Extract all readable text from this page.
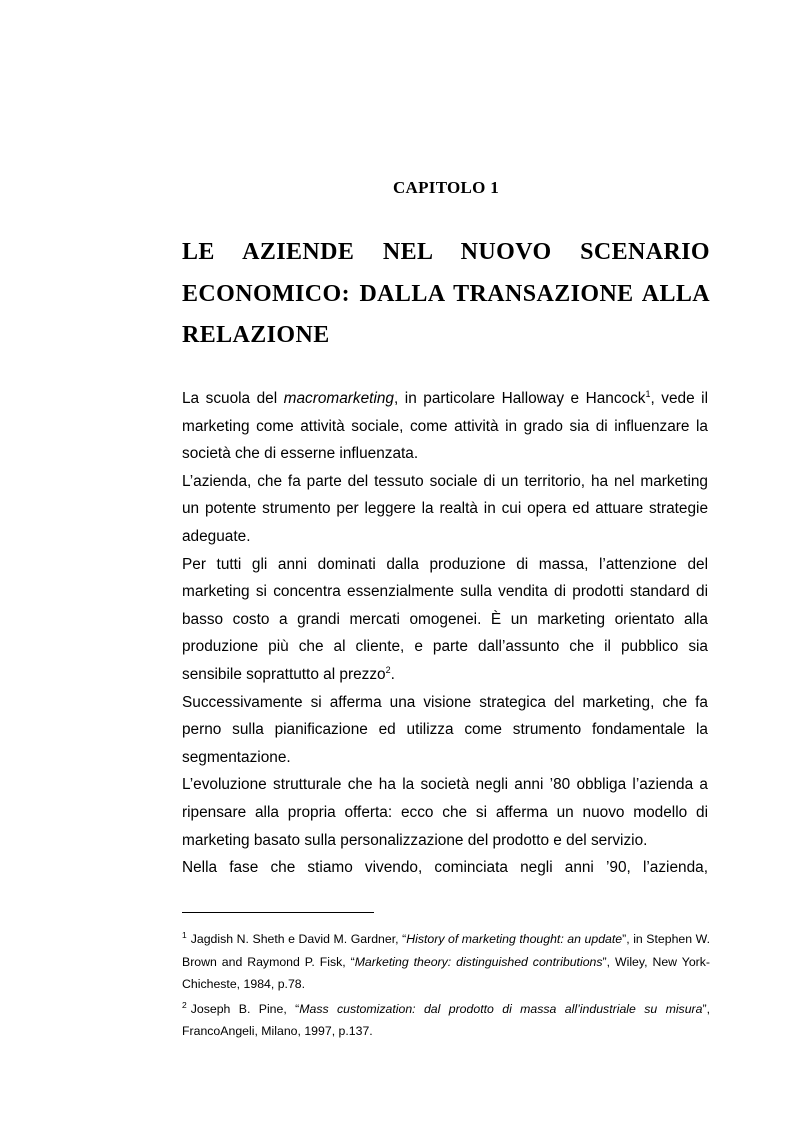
CAPITOLO 1
LE AZIENDE NEL NUOVO SCENARIO ECONOMICO: DALLA TRANSAZIONE ALLA RELAZIONE

La scuola del macromarketing, in particolare Halloway e Hancock$^1$, vede il marketing come attività sociale, come attività in grado sia di influenzare la società che di esserne influenzata.

L’azienda, che fa parte del tessuto sociale di un territorio, ha nel marketing un potente strumento per leggere la realtà in cui opera ed attuare strategie adeguate.

Per tutti gli anni dominati dalla produzione di massa, l’attenzione del marketing si concentra essenzialmente sulla vendita di prodotti standard di basso costo a grandi mercati omogenei. È un marketing orientato alla produzione più che al cliente, e parte dall’assunto che il pubblico sia sensibile soprattutto al prezzo$^2$.

Successivamente si afferma una visione strategica del marketing, che fa perno sulla pianificazione ed utilizza come strumento fondamentale la segmentazione.

L’evoluzione strutturale che ha la società negli anni ’80 obbliga l’azienda a ripensare alla propria offerta: ecco che si afferma un nuovo modello di marketing basato sulla personalizzazione del prodotto e del servizio.

Nella fase che stiamo vivendo, cominciata negli anni ’90, l’azienda,

$^1$ Jagdish N. Sheth e David M. Gardner, “History of marketing thought: an update”, in Stephen W. Brown and Raymond P. Fisk, “Marketing theory: distinguished contributions”, Wiley, New York-Chicheste, 1984, p.78.

$^2$ Joseph B. Pine, “Mass customization: dal prodotto di massa all’industriale su misura”, FrancoAngeli, Milano, 1997, p.137.
